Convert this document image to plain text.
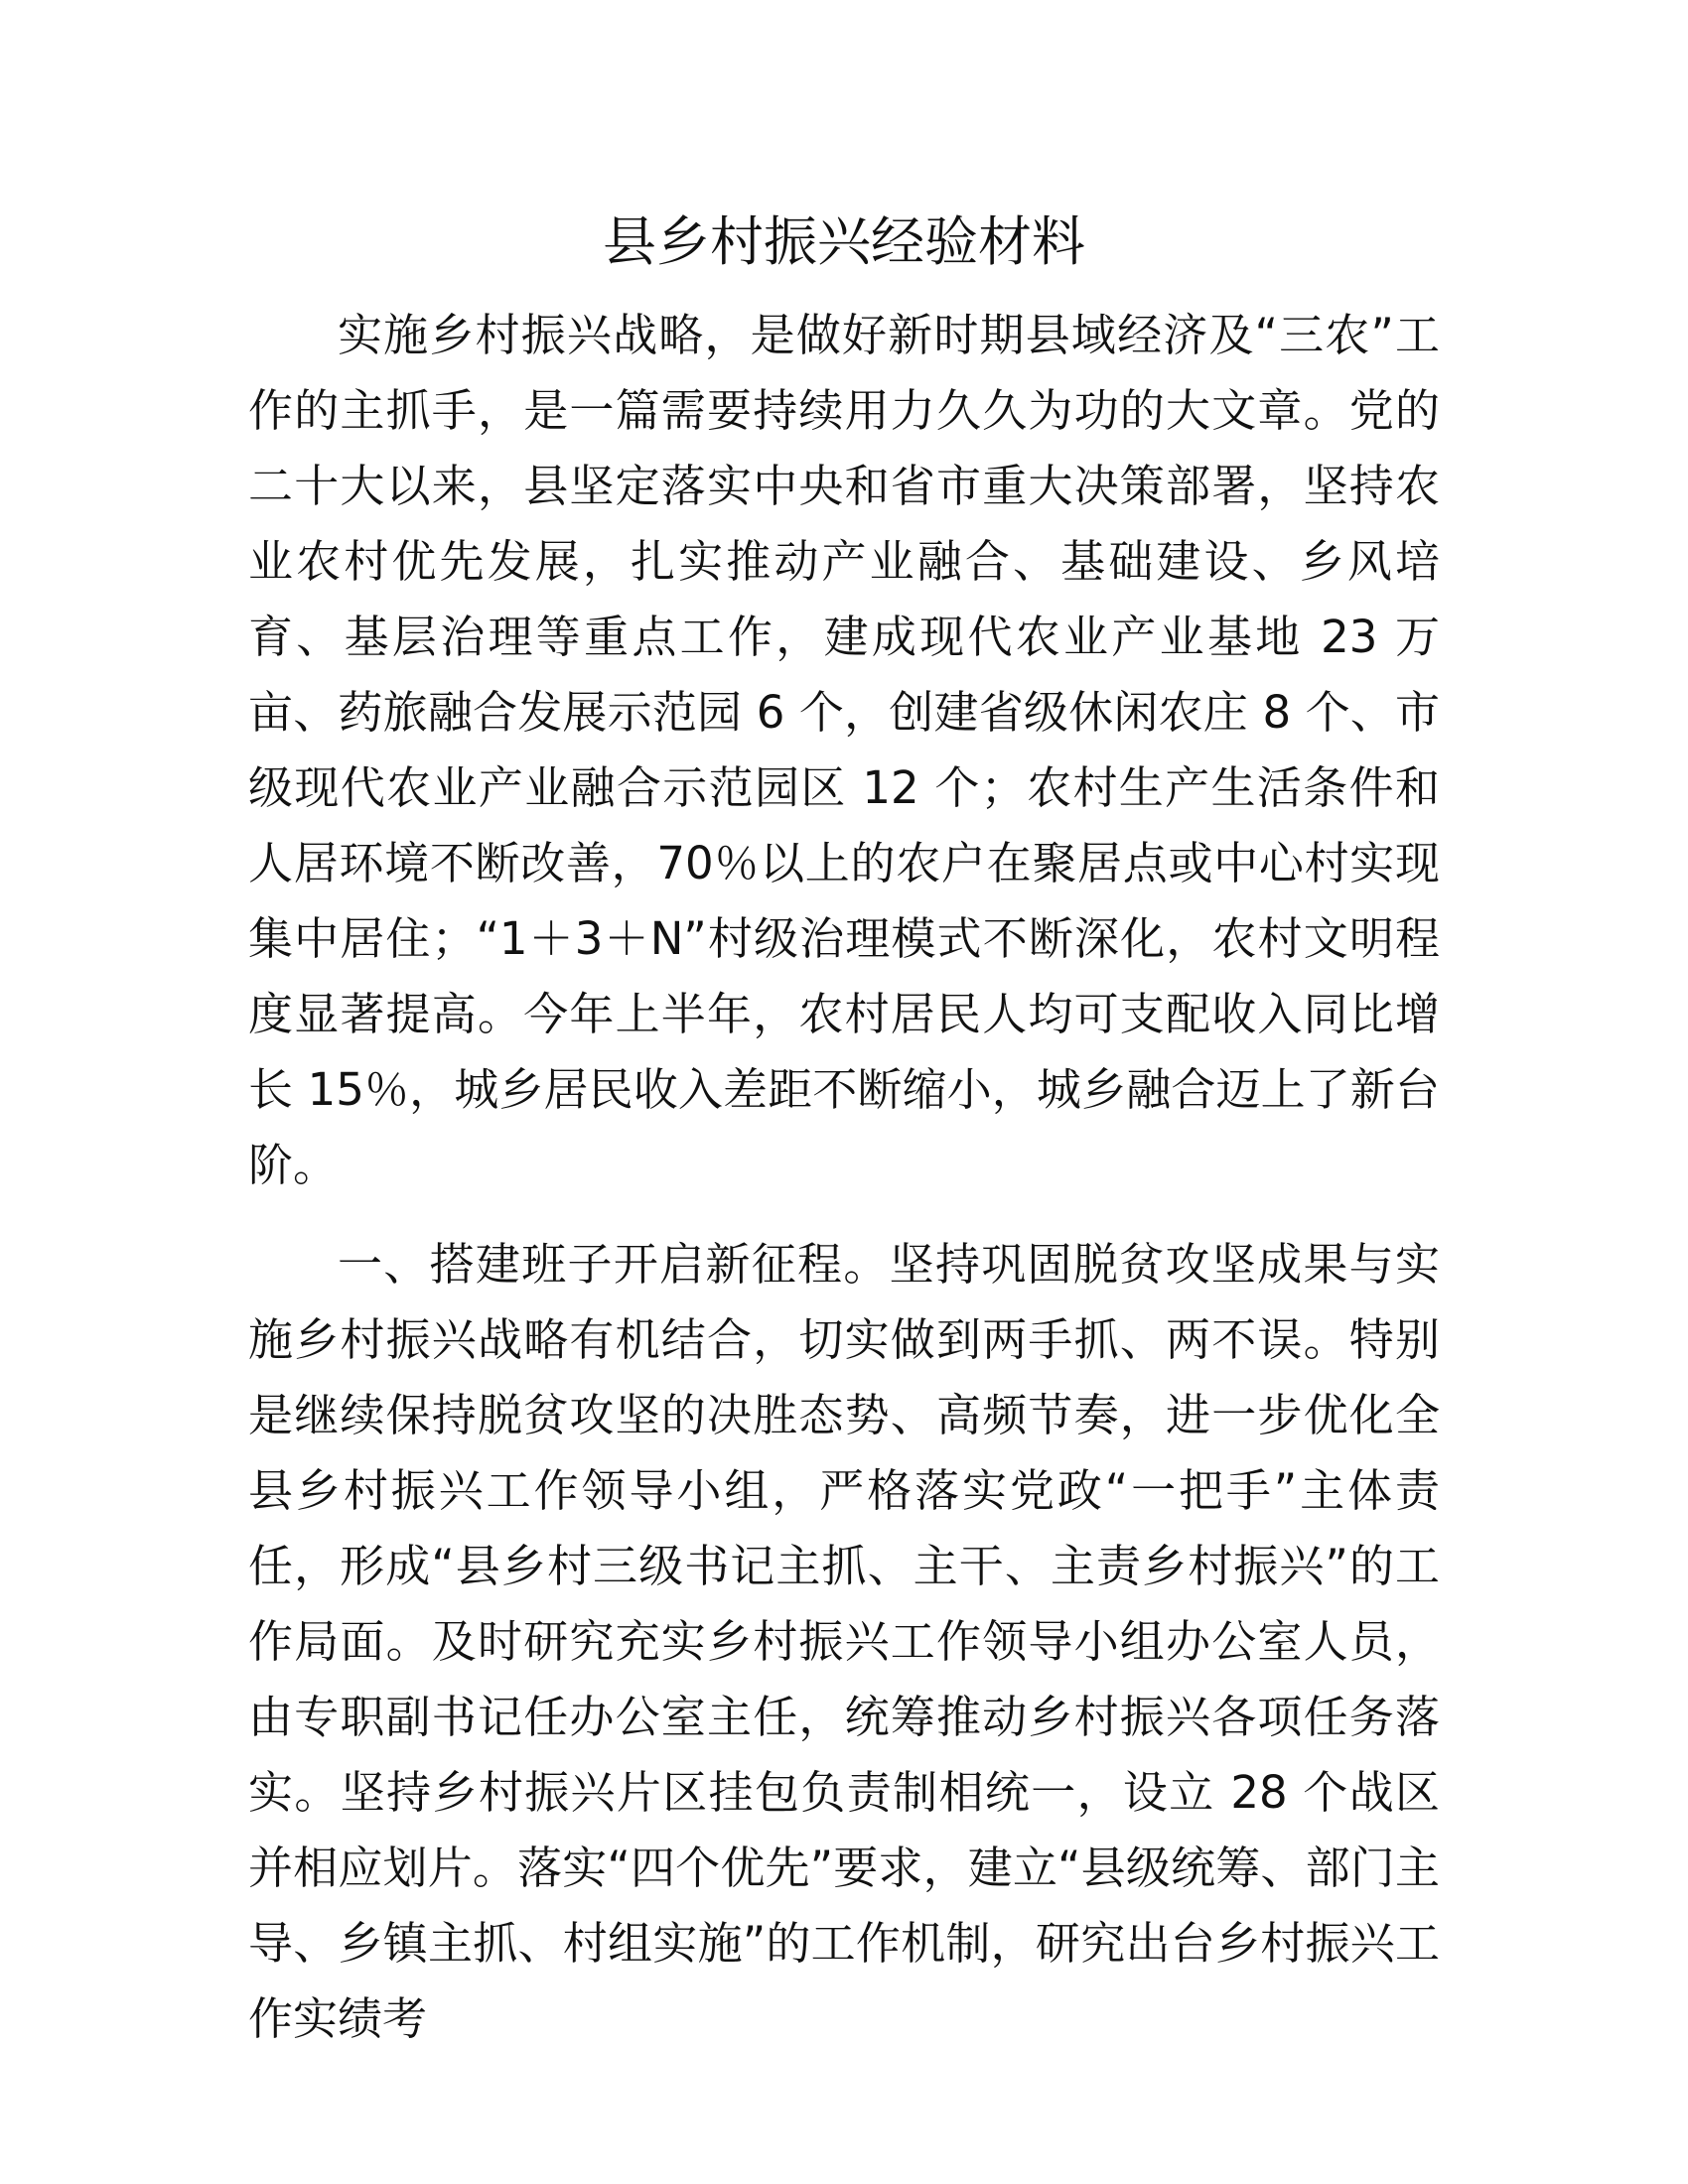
县乡村振兴经验材料

实施乡村振兴战略，是做好新时期县域经济及“三农”工作的主抓手，是一篇需要持续用力久久为功的大文章。党的二十大以来，县坚定落实中央和省市重大决策部署，坚持农业农村优先发展，扎实推动产业融合、基础建设、乡风培育、基层治理等重点工作，建成现代农业产业基地 23 万亩、药旅融合发展示范园 6 个，创建省级休闲农庄 8 个、市级现代农业产业融合示范园区 12 个；农村生产生活条件和人居环境不断改善，70％以上的农户在聚居点或中心村实现集中居住；“1＋3＋N”村级治理模式不断深化，农村文明程度显著提高。今年上半年，农村居民人均可支配收入同比增长 15％，城乡居民收入差距不断缩小，城乡融合迈上了新台阶。

一、搭建班子开启新征程。坚持巩固脱贫攻坚成果与实施乡村振兴战略有机结合，切实做到两手抓、两不误。特别是继续保持脱贫攻坚的决胜态势、高频节奏，进一步优化全县乡村振兴工作领导小组，严格落实党政“一把手”主体责任，形成“县乡村三级书记主抓、主干、主责乡村振兴”的工作局面。及时研究充实乡村振兴工作领导小组办公室人员，由专职副书记任办公室主任，统筹推动乡村振兴各项任务落实。坚持乡村振兴片区挂包负责制相统一，设立 28 个战区并相应划片。落实“四个优先”要求，建立“县级统筹、部门主导、乡镇主抓、村组实施”的工作机制，研究出台乡村振兴工作实绩考
